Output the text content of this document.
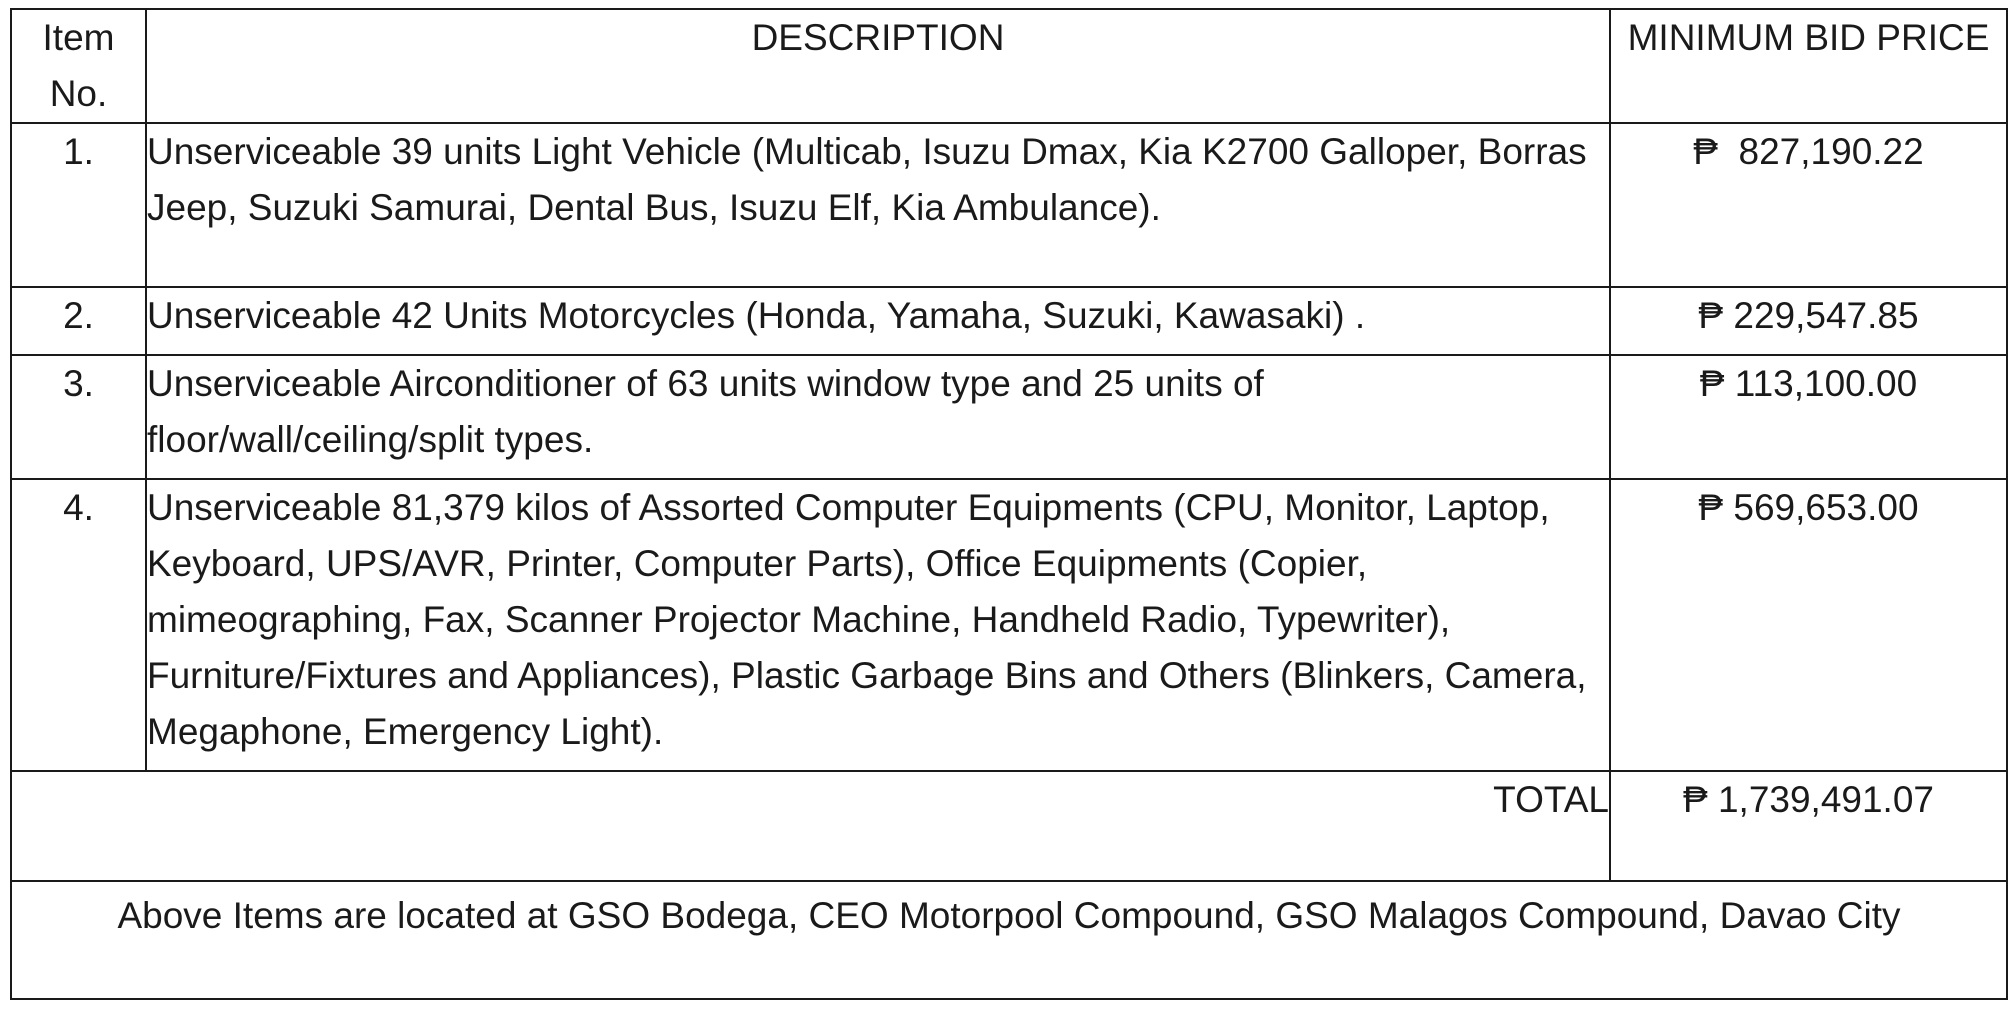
Item No.	DESCRIPTION	MINIMUM BID PRICE
1.	Unserviceable 39 units Light Vehicle (Multicab, Isuzu Dmax, Kia K2700 Galloper, Borras Jeep, Suzuki Samurai, Dental Bus, Isuzu Elf, Kia Ambulance).	₱  827,190.22
2.	Unserviceable 42 Units Motorcycles (Honda, Yamaha, Suzuki, Kawasaki) .	₱ 229,547.85
3.	Unserviceable Airconditioner of 63 units window type and 25 units of floor/wall/ceiling/split types.	₱ 113,100.00
4.	Unserviceable 81,379 kilos of Assorted Computer Equipments (CPU, Monitor, Laptop, Keyboard, UPS/AVR, Printer, Computer Parts), Office Equipments (Copier, mimeographing, Fax, Scanner Projector Machine, Handheld Radio, Typewriter), Furniture/Fixtures and Appliances), Plastic Garbage Bins and Others (Blinkers, Camera, Megaphone, Emergency Light).	₱ 569,653.00
TOTAL		₱ 1,739,491.07
Above Items are located at GSO Bodega, CEO Motorpool Compound, GSO Malagos Compound, Davao City		
